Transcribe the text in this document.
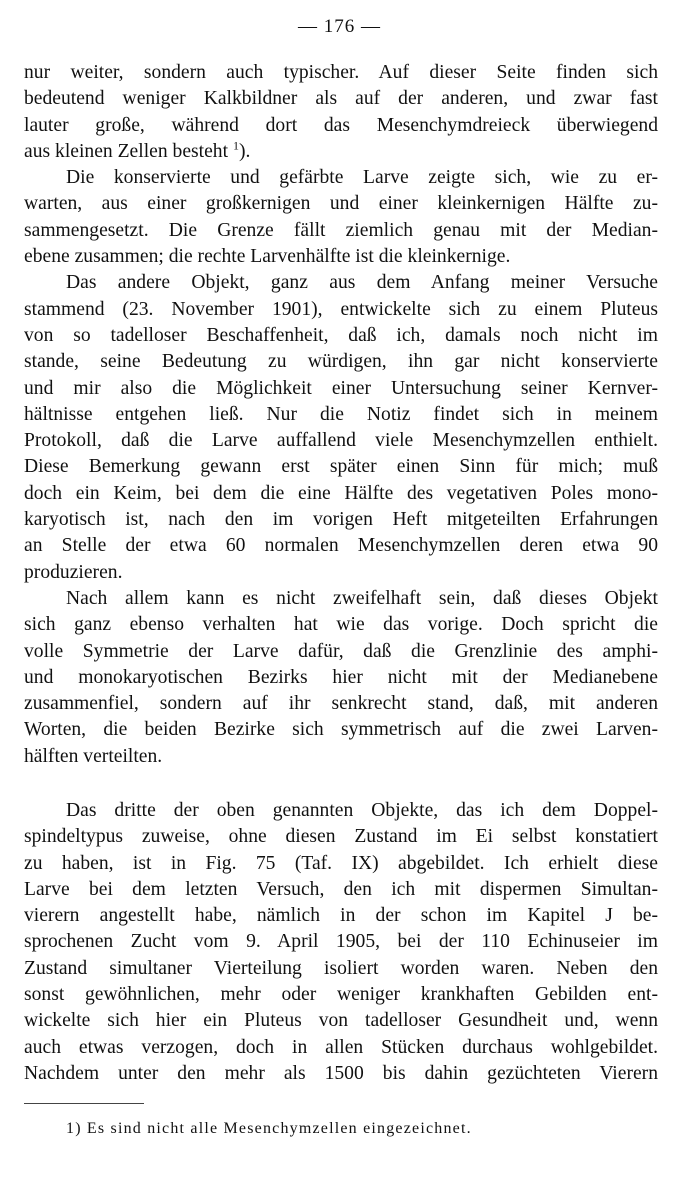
— 176 —
nur weiter, sondern auch typischer. Auf dieser Seite finden sich
bedeutend weniger Kalkbildner als auf der anderen, und zwar fast
lauter große, während dort das Mesenchymdreieck überwiegend
aus kleinen Zellen besteht $^1$).
Die konservierte und gefärbte Larve zeigte sich, wie zu er-
warten, aus einer großkernigen und einer kleinkernigen Hälfte zu-
sammengesetzt. Die Grenze fällt ziemlich genau mit der Median-
ebene zusammen; die rechte Larvenhälfte ist die kleinkernige.
Das andere Objekt, ganz aus dem Anfang meiner Versuche
stammend (23. November 1901), entwickelte sich zu einem Pluteus
von so tadelloser Beschaffenheit, daß ich, damals noch nicht im
stande, seine Bedeutung zu würdigen, ihn gar nicht konservierte
und mir also die Möglichkeit einer Untersuchung seiner Kernver-
hältnisse entgehen ließ. Nur die Notiz findet sich in meinem
Protokoll, daß die Larve auffallend viele Mesenchymzellen enthielt.
Diese Bemerkung gewann erst später einen Sinn für mich; muß
doch ein Keim, bei dem die eine Hälfte des vegetativen Poles mono-
karyotisch ist, nach den im vorigen Heft mitgeteilten Erfahrungen
an Stelle der etwa 60 normalen Mesenchymzellen deren etwa 90
produzieren.
Nach allem kann es nicht zweifelhaft sein, daß dieses Objekt
sich ganz ebenso verhalten hat wie das vorige. Doch spricht die
volle Symmetrie der Larve dafür, daß die Grenzlinie des amphi-
und monokaryotischen Bezirks hier nicht mit der Medianebene
zusammenfiel, sondern auf ihr senkrecht stand, daß, mit anderen
Worten, die beiden Bezirke sich symmetrisch auf die zwei Larven-
hälften verteilten.
Das dritte der oben genannten Objekte, das ich dem Doppel-
spindeltypus zuweise, ohne diesen Zustand im Ei selbst konstatiert
zu haben, ist in Fig. 75 (Taf. IX) abgebildet. Ich erhielt diese
Larve bei dem letzten Versuch, den ich mit dispermen Simultan-
vierern angestellt habe, nämlich in der schon im Kapitel J be-
sprochenen Zucht vom 9. April 1905, bei der 110 Echinuseier im
Zustand simultaner Vierteilung isoliert worden waren. Neben den
sonst gewöhnlichen, mehr oder weniger krankhaften Gebilden ent-
wickelte sich hier ein Pluteus von tadelloser Gesundheit und, wenn
auch etwas verzogen, doch in allen Stücken durchaus wohlgebildet.
Nachdem unter den mehr als 1500 bis dahin gezüchteten Vierern
1) Es sind nicht alle Mesenchymzellen eingezeichnet.
